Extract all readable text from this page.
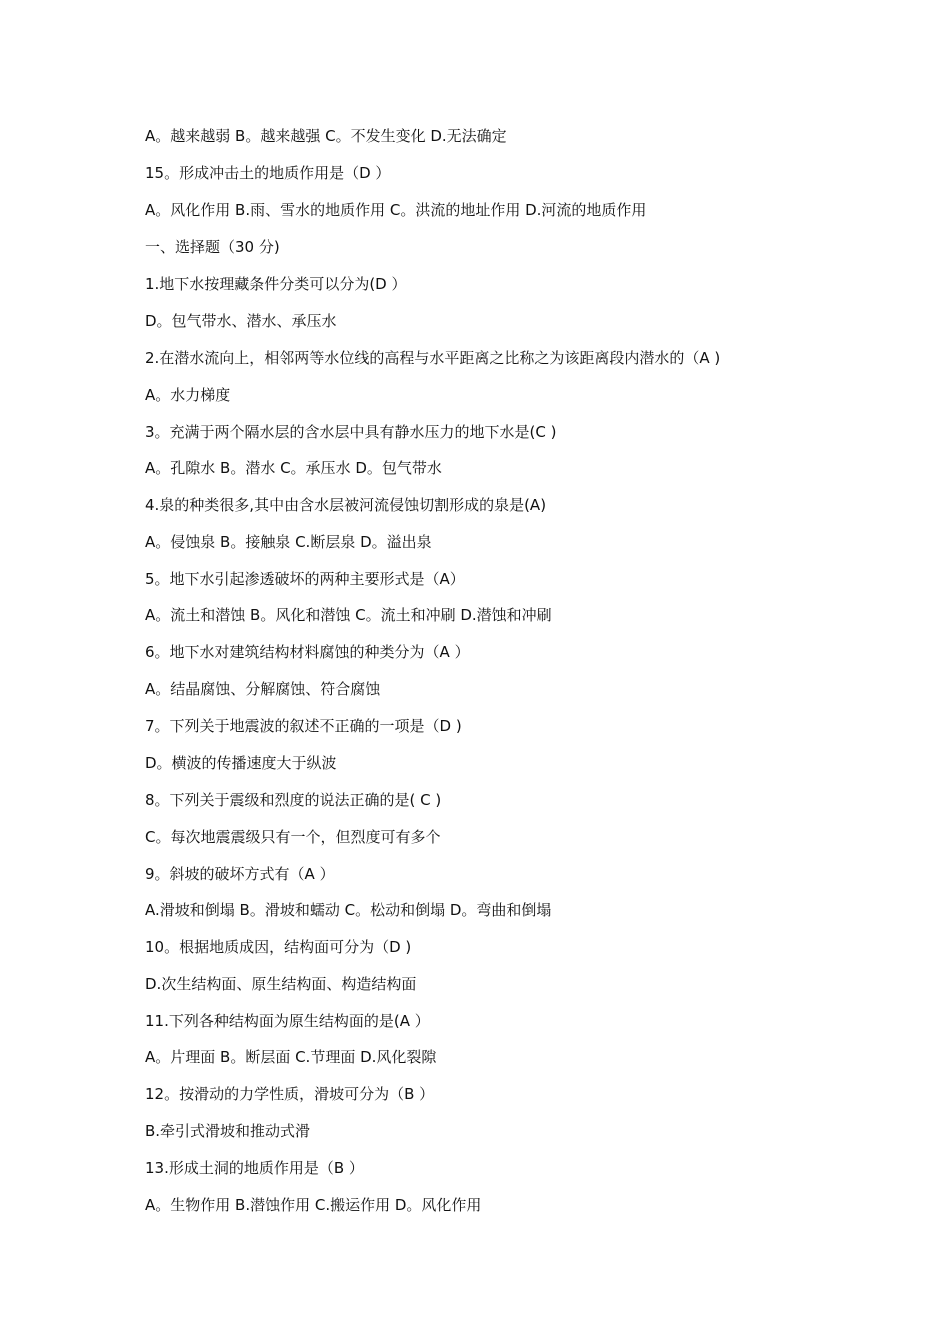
A。越来越弱 B。越来越强 C。不发生变化 D.无法确定
15。形成冲击土的地质作用是（D ）
A。风化作用 B.雨、雪水的地质作用 C。洪流的地址作用 D.河流的地质作用
一、选择题（30 分)
1.地下水按理藏条件分类可以分为(D ）
D。包气带水、潜水、承压水
2.在潜水流向上，相邻两等水位线的高程与水平距离之比称之为该距离段内潜水的（A )
A。水力梯度
3。充满于两个隔水层的含水层中具有静水压力的地下水是(C )
A。孔隙水 B。潜水 C。承压水 D。包气带水
4.泉的种类很多,其中由含水层被河流侵蚀切割形成的泉是(A)
A。侵蚀泉 B。接触泉 C.断层泉 D。溢出泉
5。地下水引起渗透破坏的两种主要形式是（A）
A。流土和潜蚀 B。风化和潜蚀 C。流土和冲刷 D.潜蚀和冲刷
6。地下水对建筑结构材料腐蚀的种类分为（A ）
A。结晶腐蚀、分解腐蚀、符合腐蚀
7。下列关于地震波的叙述不正确的一项是（D )
D。横波的传播速度大于纵波
8。下列关于震级和烈度的说法正确的是( C )
C。每次地震震级只有一个，但烈度可有多个
9。斜坡的破坏方式有（A ）
A.滑坡和倒塌 B。滑坡和蠕动 C。松动和倒塌 D。弯曲和倒塌
10。根据地质成因，结构面可分为（D )
D.次生结构面、原生结构面、构造结构面
11.下列各种结构面为原生结构面的是(A ）
A。片理面 B。断层面 C.节理面 D.风化裂隙
12。按滑动的力学性质，滑坡可分为（B ）
B.牵引式滑坡和推动式滑
13.形成土洞的地质作用是（B ）
A。生物作用 B.潜蚀作用 C.搬运作用 D。风化作用
